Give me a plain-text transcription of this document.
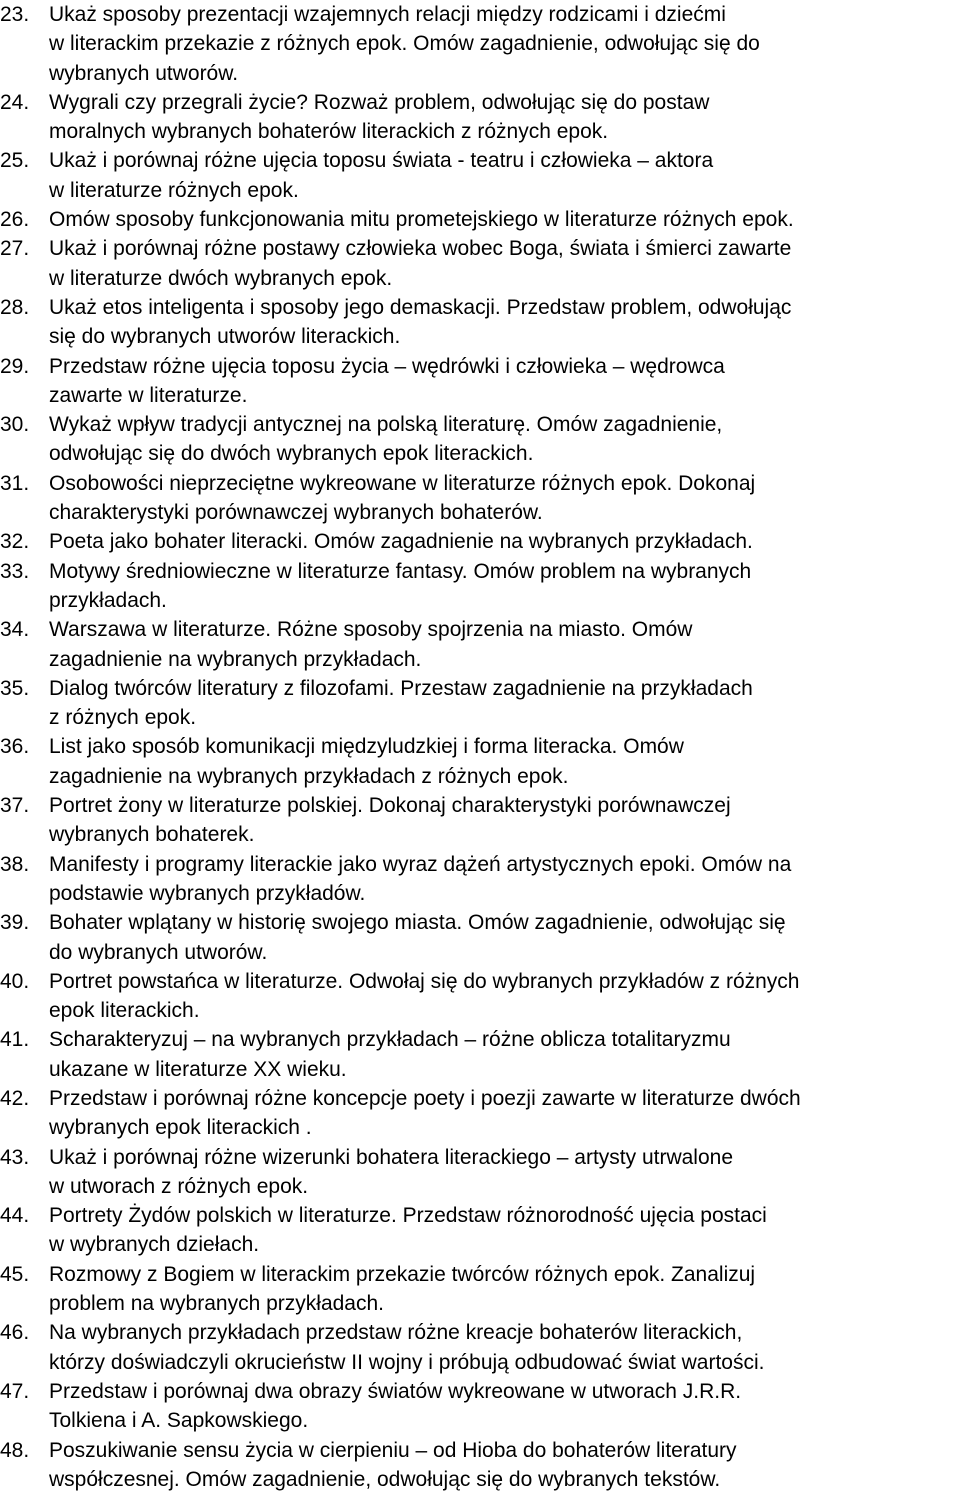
23. Ukaż sposoby prezentacji wzajemnych relacji między rodzicami i dziećmi
w literackim przekazie z różnych epok. Omów zagadnienie, odwołując się do
wybranych utworów.
24. Wygrali czy przegrali życie? Rozważ problem, odwołując się do postaw
moralnych wybranych bohaterów literackich z różnych epok.
25. Ukaż i porównaj różne ujęcia toposu świata - teatru i człowieka – aktora
w literaturze różnych epok.
26. Omów sposoby funkcjonowania mitu prometejskiego w literaturze różnych epok.
27. Ukaż i porównaj różne postawy człowieka wobec Boga, świata i śmierci zawarte
w literaturze dwóch wybranych epok.
28. Ukaż etos inteligenta i sposoby jego demaskacji. Przedstaw problem, odwołując
się do wybranych utworów literackich.
29. Przedstaw różne ujęcia toposu życia – wędrówki i człowieka – wędrowca
zawarte w literaturze.
30. Wykaż wpływ tradycji antycznej na polską literaturę. Omów zagadnienie,
odwołując się do dwóch wybranych epok literackich.
31. Osobowości nieprzeciętne wykreowane w literaturze różnych epok. Dokonaj
charakterystyki porównawczej wybranych bohaterów.
32. Poeta jako bohater literacki. Omów zagadnienie na wybranych przykładach.
33. Motywy średniowieczne w literaturze fantasy. Omów problem na wybranych
przykładach.
34. Warszawa w literaturze. Różne sposoby spojrzenia na miasto. Omów
zagadnienie na wybranych przykładach.
35. Dialog twórców literatury z filozofami. Przestaw zagadnienie na przykładach
z różnych epok.
36. List jako sposób komunikacji międzyludzkiej i forma literacka. Omów
zagadnienie na wybranych przykładach z różnych epok.
37. Portret żony w literaturze polskiej. Dokonaj charakterystyki porównawczej
wybranych bohaterek.
38. Manifesty i programy literackie jako wyraz dążeń artystycznych epoki. Omów na
podstawie wybranych przykładów.
39. Bohater wplątany w historię swojego miasta. Omów zagadnienie, odwołując się
do wybranych utworów.
40. Portret powstańca w literaturze. Odwołaj się do wybranych przykładów z różnych
epok literackich.
41. Scharakteryzuj – na wybranych przykładach – różne oblicza totalitaryzmu
ukazane w literaturze XX wieku.
42. Przedstaw i porównaj różne koncepcje poety i poezji zawarte w literaturze dwóch
wybranych epok literackich .
43. Ukaż i porównaj różne wizerunki bohatera literackiego – artysty utrwalone
w utworach z różnych epok.
44. Portrety Żydów polskich w literaturze. Przedstaw różnorodność ujęcia postaci
w wybranych dziełach.
45. Rozmowy z Bogiem w literackim przekazie twórców różnych epok. Zanalizuj
problem na wybranych przykładach.
46. Na wybranych przykładach przedstaw różne kreacje bohaterów literackich,
którzy doświadczyli okrucieństw II wojny i próbują odbudować świat wartości.
47. Przedstaw i porównaj dwa obrazy światów wykreowane w utworach J.R.R.
Tolkiena i A. Sapkowskiego.
48. Poszukiwanie sensu życia w cierpieniu – od Hioba do bohaterów literatury
współczesnej. Omów zagadnienie, odwołując się do wybranych tekstów.
